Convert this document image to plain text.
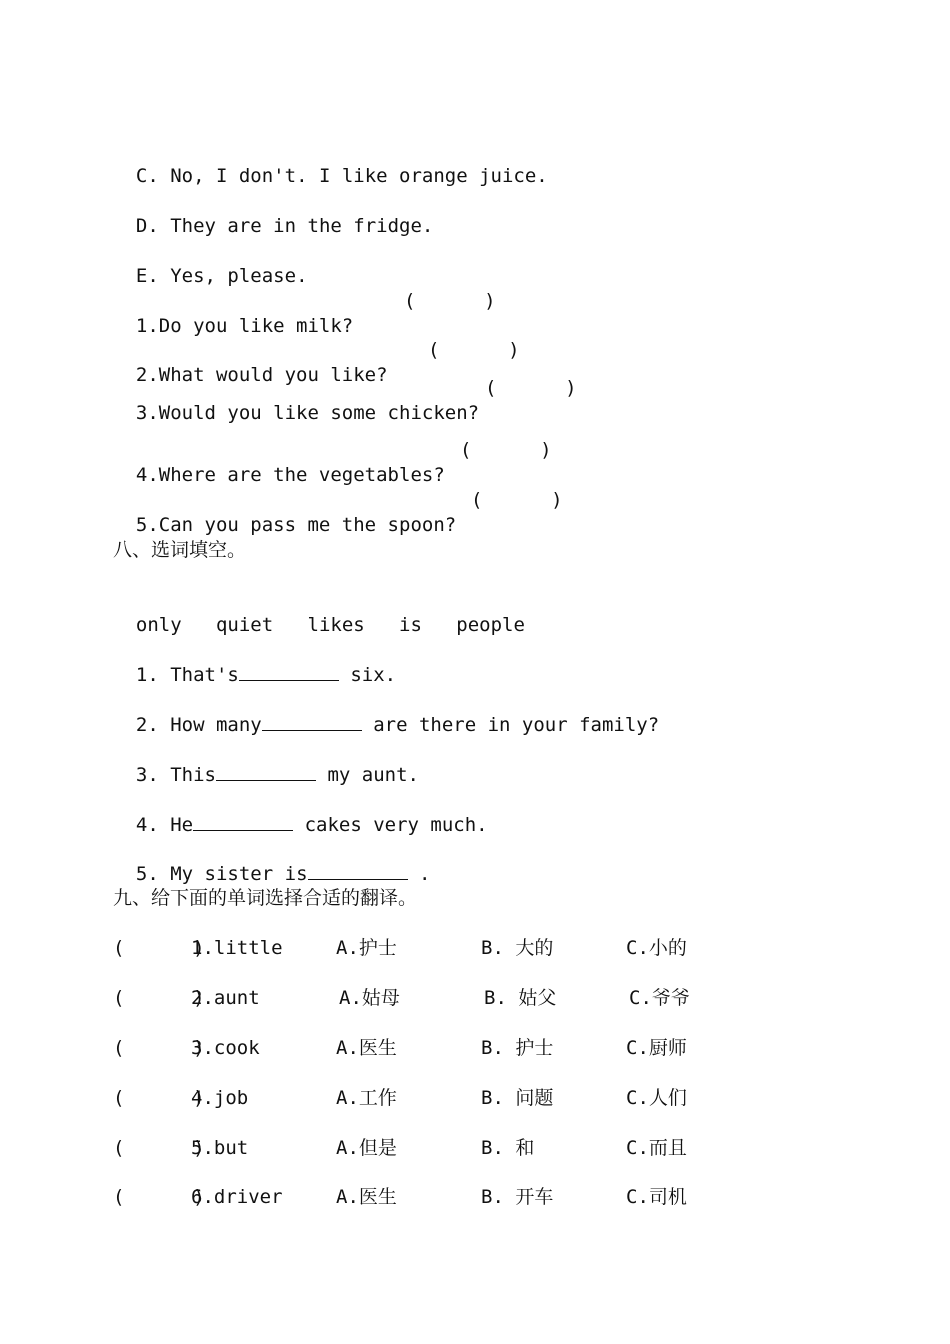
C. No, I don't. I like orange juice.

D. They are in the fridge.

E. Yes, please.

1.Do you like milk?

(      )

2.What would you like?

(      )

3.Would you like some chicken?

(      )

4.Where are the vegetables?

(      )

5.Can you pass me the spoon?

(      )
八、选词填空。

only quiet likes is people

1. That's	six.

2. How many	are there in your family?

3. This	my aunt.

4. He	cakes very much.

5. My sister is	.

九、给下面的单词选择合适的翻译。
(      )
1.little	A.护士	B. 大的	C.小的
(      )
2.aunt	A.姑母	B. 姑父	C.爷爷
(      )
3.cook	A.医生	B. 护士	C.厨师
(      )
4.job	A.工作	B. 问题	C.人们
(      )
5.but	A.但是	B. 和	C.而且
(      )
6.driver	A.医生	B. 开车	C.司机
